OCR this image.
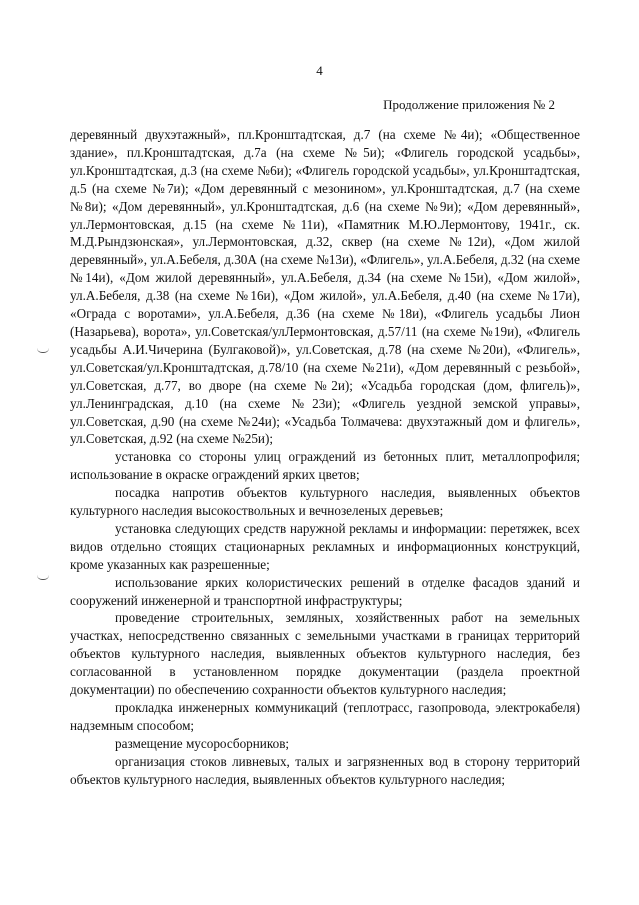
4
Продолжение приложения № 2

деревянный двухэтажный», пл.Кронштадтская, д.7 (на схеме №4и); «Общественное здание», пл.Кронштадтская, д.7а (на схеме №5и); «Флигель городской усадьбы», ул.Кронштадтская, д.3 (на схеме №6и); «Флигель городской усадьбы», ул.Кронштадтская, д.5 (на схеме №7и); «Дом деревянный с мезонином», ул.Кронштадтская, д.7 (на схеме №8и); «Дом деревянный», ул.Кронштадтская, д.6 (на схеме №9и); «Дом деревянный», ул.Лермонтовская, д.15 (на схеме №11и), «Памятник М.Ю.Лермонтову, 1941г., ск. М.Д.Рындзюнская», ул.Лермонтовская, д.32, сквер (на схеме №12и), «Дом жилой деревянный», ул.А.Бебеля, д.30А (на схеме №13и), «Флигель», ул.А.Бебеля, д.32 (на схеме №14и), «Дом жилой деревянный», ул.А.Бебеля, д.34 (на схеме №15и), «Дом жилой», ул.А.Бебеля, д.38 (на схеме №16и), «Дом жилой», ул.А.Бебеля, д.40 (на схеме №17и), «Ограда с воротами», ул.А.Бебеля, д.36 (на схеме №18и), «Флигель усадьбы Лион (Назарьева), ворота», ул.Советская/улЛермонтовская, д.57/11 (на схеме №19и), «Флигель усадьбы А.И.Чичерина (Булгаковой)», ул.Советская, д.78 (на схеме №20и), «Флигель», ул.Советская/ул.Кронштадтская, д.78/10 (на схеме №21и), «Дом деревянный с резьбой», ул.Советская, д.77, во дворе (на схеме №2и); «Усадьба городская (дом, флигель)», ул.Ленинградская, д.10 (на схеме №23и); «Флигель уездной земской управы», ул.Советская, д.90 (на схеме №24и); «Усадьба Толмачева: двухэтажный дом и флигель», ул.Советская, д.92 (на схеме №25и);

установка со стороны улиц ограждений из бетонных плит, металлопрофиля; использование в окраске ограждений ярких цветов;

посадка напротив объектов культурного наследия, выявленных объектов культурного наследия высокоствольных и вечнозеленых деревьев;

установка следующих средств наружной рекламы и информации: перетяжек, всех видов отдельно стоящих стационарных рекламных и информационных конструкций, кроме указанных как разрешенные;

использование ярких колористических решений в отделке фасадов зданий и сооружений инженерной и транспортной инфраструктуры;

проведение строительных, земляных, хозяйственных работ на земельных участках, непосредственно связанных с земельными участками в границах территорий объектов культурного наследия, выявленных объектов культурного наследия, без согласованной в установленном порядке документации (раздела проектной документации) по обеспечению сохранности объектов культурного наследия;

прокладка инженерных коммуникаций (теплотрасс, газопровода, электрокабеля) надземным способом;

размещение мусоросборников;

организация стоков ливневых, талых и загрязненных вод в сторону территорий объектов культурного наследия, выявленных объектов культурного наследия;
